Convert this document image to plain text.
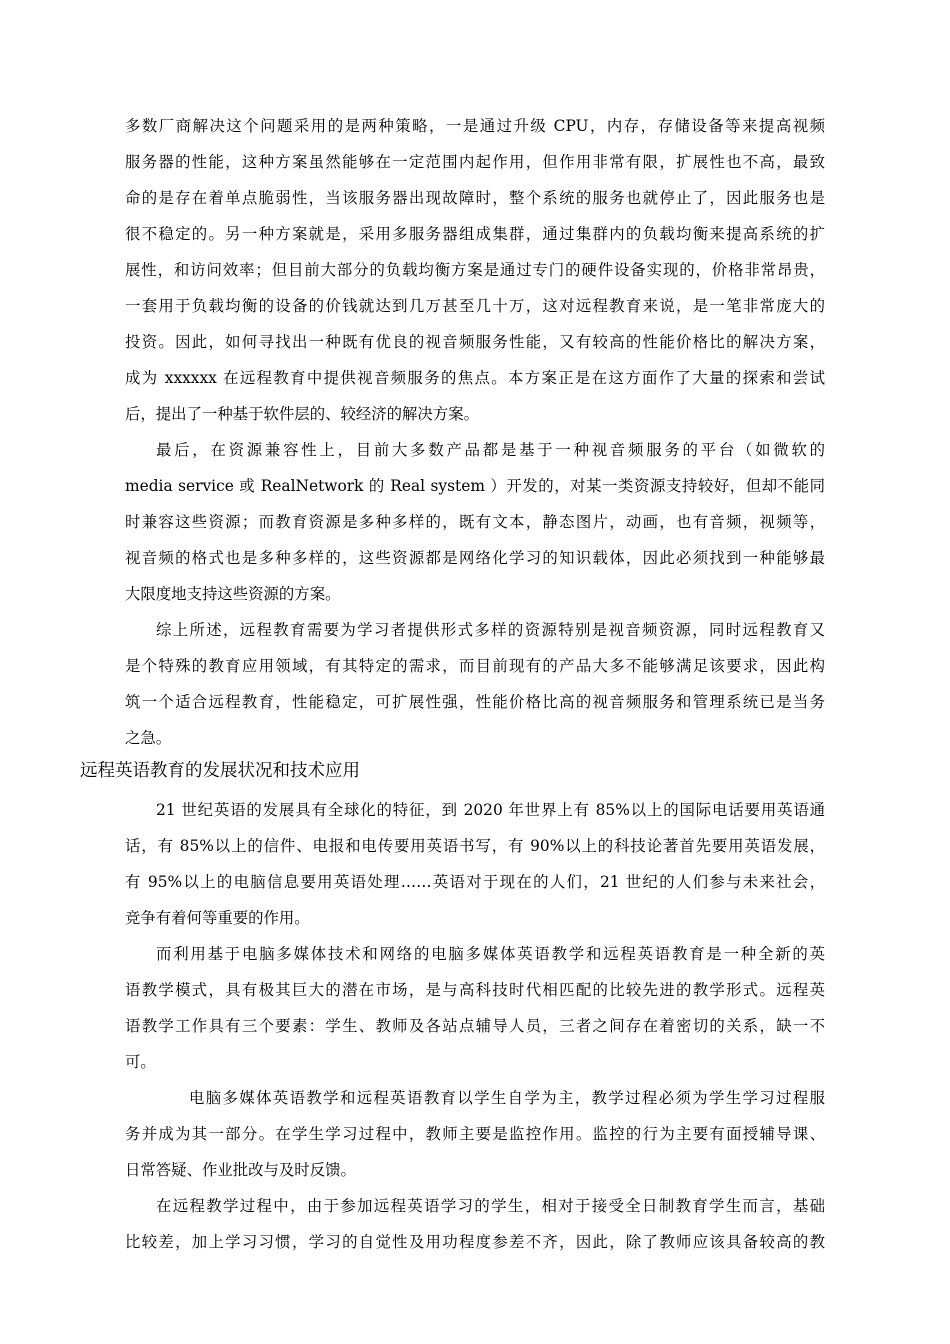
多数厂商解决这个问题采用的是两种策略，一是通过升级 CPU，内存，存储设备等来提高视频
服务器的性能，这种方案虽然能够在一定范围内起作用，但作用非常有限，扩展性也不高，最致
命的是存在着单点脆弱性，当该服务器出现故障时，整个系统的服务也就停止了，因此服务也是
很不稳定的。另一种方案就是，采用多服务器组成集群，通过集群内的负载均衡来提高系统的扩
展性，和访问效率；但目前大部分的负载均衡方案是通过专门的硬件设备实现的，价格非常昂贵，
一套用于负载均衡的设备的价钱就达到几万甚至几十万，这对远程教育来说，是一笔非常庞大的
投资。因此，如何寻找出一种既有优良的视音频服务性能，又有较高的性能价格比的解决方案，
成为 xxxxxx 在远程教育中提供视音频服务的焦点。本方案正是在这方面作了大量的探索和尝试
后，提出了一种基于软件层的、较经济的解决方案。
最后，在资源兼容性上，目前大多数产品都是基于一种视音频服务的平台（如微软的
media service 或 RealNetwork 的 Real system ）开发的，对某一类资源支持较好，但却不能同
时兼容这些资源；而教育资源是多种多样的，既有文本，静态图片，动画，也有音频，视频等，
视音频的格式也是多种多样的，这些资源都是网络化学习的知识载体，因此必须找到一种能够最
大限度地支持这些资源的方案。
综上所述，远程教育需要为学习者提供形式多样的资源特别是视音频资源，同时远程教育又
是个特殊的教育应用领域，有其特定的需求，而目前现有的产品大多不能够满足该要求，因此构
筑一个适合远程教育，性能稳定，可扩展性强，性能价格比高的视音频服务和管理系统已是当务
之急。
远程英语教育的发展状况和技术应用
21 世纪英语的发展具有全球化的特征，到 2020 年世界上有 85%以上的国际电话要用英语通
话，有 85%以上的信件、电报和电传要用英语书写，有 90%以上的科技论著首先要用英语发展，
有 95%以上的电脑信息要用英语处理……英语对于现在的人们，21 世纪的人们参与未来社会，
竞争有着何等重要的作用。
而利用基于电脑多媒体技术和网络的电脑多媒体英语教学和远程英语教育是一种全新的英
语教学模式，具有极其巨大的潜在市场，是与高科技时代相匹配的比较先进的教学形式。远程英
语教学工作具有三个要素：学生、教师及各站点辅导人员，三者之间存在着密切的关系，缺一不
可。
电脑多媒体英语教学和远程英语教育以学生自学为主，教学过程必须为学生学习过程服
务并成为其一部分。在学生学习过程中，教师主要是监控作用。监控的行为主要有面授辅导课、
日常答疑、作业批改与及时反馈。
在远程教学过程中，由于参加远程英语学习的学生，相对于接受全日制教育学生而言，基础
比较差，加上学习习惯，学习的自觉性及用功程度参差不齐，因此，除了教师应该具备较高的教
